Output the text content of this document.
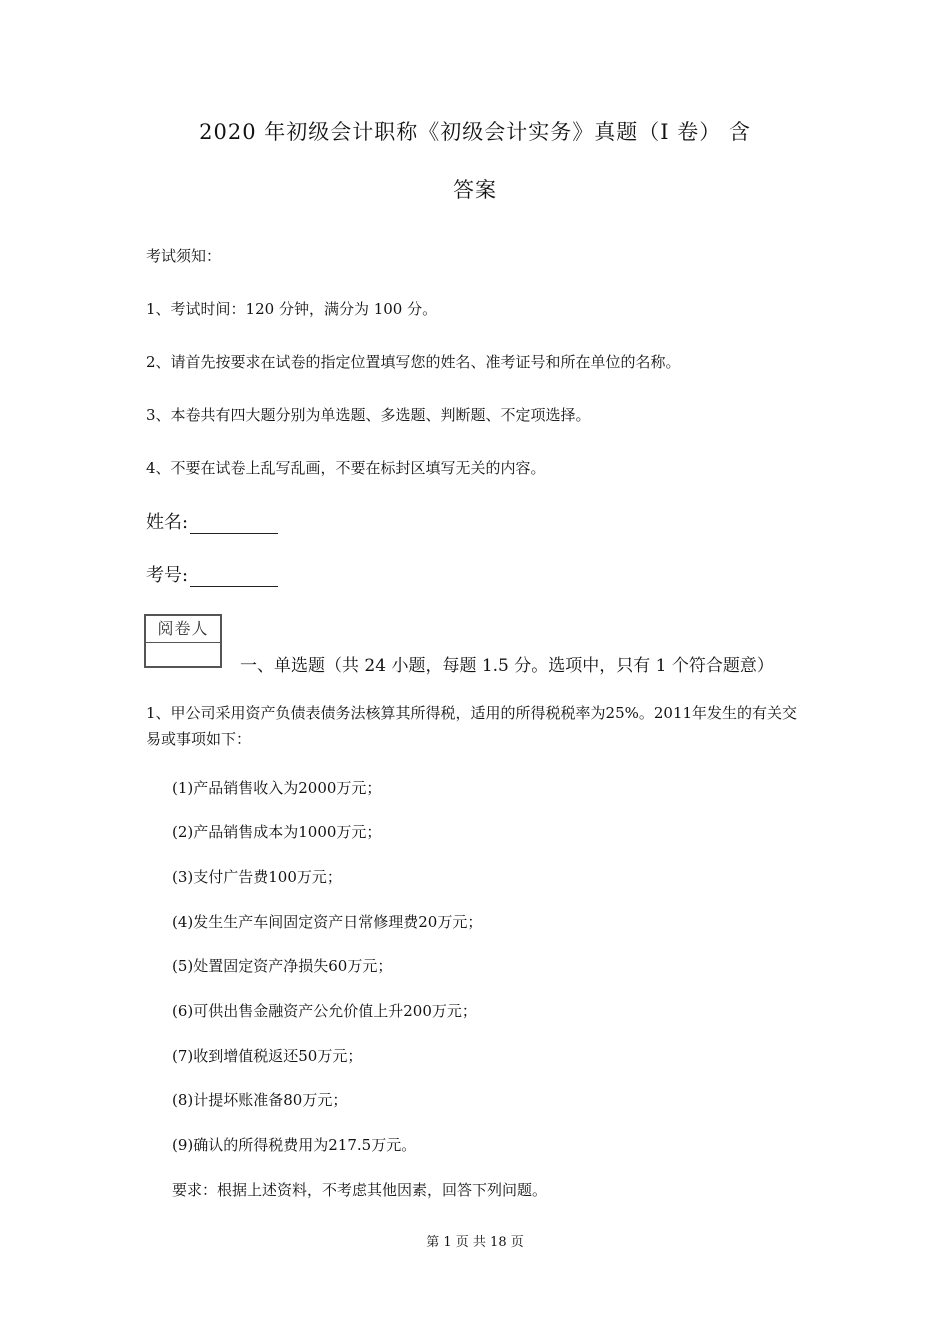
2020 年初级会计职称《初级会计实务》真题（I 卷） 含
答案
考试须知：
1、考试时间：120 分钟，满分为 100 分。
2、请首先按要求在试卷的指定位置填写您的姓名、准考证号和所在单位的名称。
3、本卷共有四大题分别为单选题、多选题、判断题、不定项选择。
4、不要在试卷上乱写乱画，不要在标封区填写无关的内容。
姓名:
考号:
阅卷人
一、单选题（共 24 小题，每题 1.5 分。选项中，只有 1 个符合题意）
1、甲公司采用资产负债表债务法核算其所得税，适用的所得税税率为25%。2011年发生的有关交易或事项如下：
(1)产品销售收入为2000万元；
(2)产品销售成本为1000万元；
(3)支付广告费100万元；
(4)发生生产车间固定资产日常修理费20万元；
(5)处置固定资产净损失60万元；
(6)可供出售金融资产公允价值上升200万元；
(7)收到增值税返还50万元；
(8)计提坏账准备80万元；
(9)确认的所得税费用为217.5万元。
要求：根据上述资料，不考虑其他因素，回答下列问题。
第 1 页 共 18 页
